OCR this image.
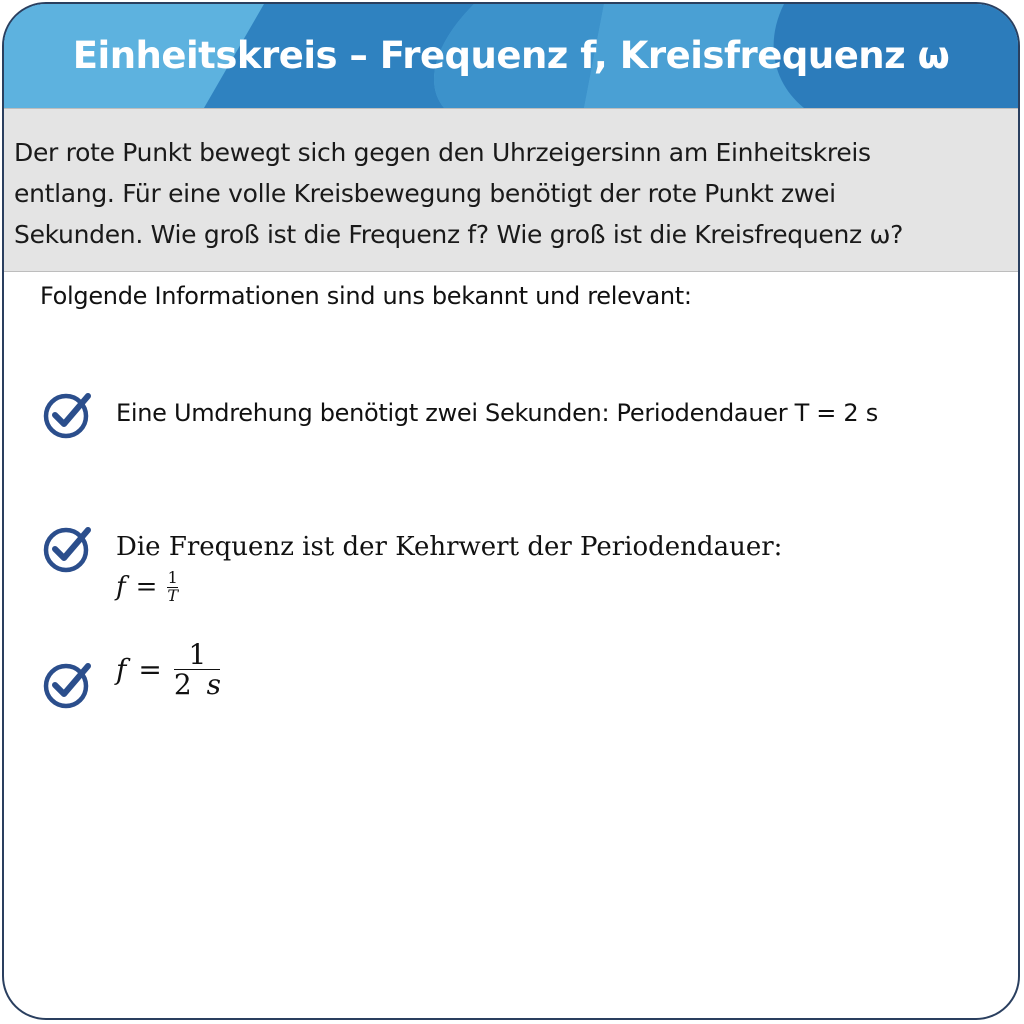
Einheitskreis – Frequenz f, Kreisfrequenz ω
Der rote Punkt bewegt sich gegen den Uhrzeigersinn am Einheitskreis
entlang. Für eine volle Kreisbewegung benötigt der rote Punkt zwei
Sekunden. Wie groß ist die Frequenz f? Wie groß ist die Kreisfrequenz ω?
Folgende Informationen sind uns bekannt und relevant:
Eine Umdrehung benötigt zwei Sekunden: Periodendauer T = 2 s
Die Frequenz ist der Kehrwert der Periodendauer:
$f = \frac{1}{T}$
$f = \frac{1}{2 s}$
